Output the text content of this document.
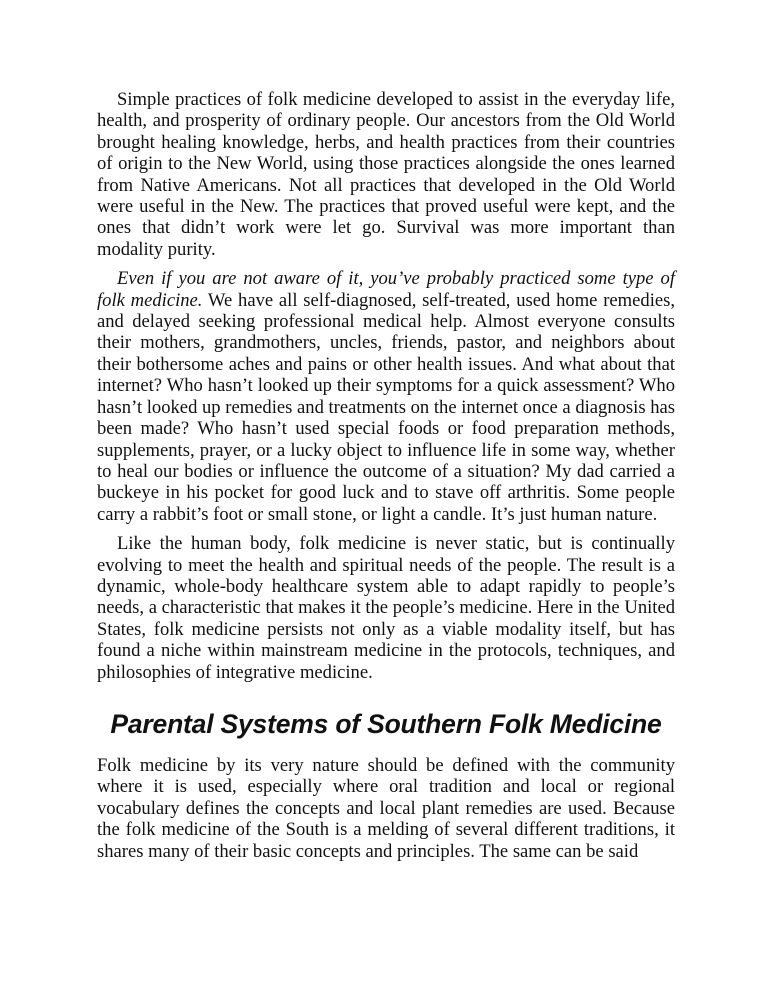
Simple practices of folk medicine developed to assist in the everyday life, health, and prosperity of ordinary people. Our ancestors from the Old World brought healing knowledge, herbs, and health practices from their countries of origin to the New World, using those practices alongside the ones learned from Native Americans. Not all practices that developed in the Old World were useful in the New. The practices that proved useful were kept, and the ones that didn’t work were let go. Survival was more important than modality purity.

Even if you are not aware of it, you’ve probably practiced some type of folk medicine. We have all self-diagnosed, self-treated, used home remedies, and delayed seeking professional medical help. Almost everyone consults their mothers, grandmothers, uncles, friends, pastor, and neighbors about their bothersome aches and pains or other health issues. And what about that internet? Who hasn’t looked up their symptoms for a quick assessment? Who hasn’t looked up remedies and treatments on the internet once a diagnosis has been made? Who hasn’t used special foods or food preparation methods, supplements, prayer, or a lucky object to influence life in some way, whether to heal our bodies or influence the outcome of a situation? My dad carried a buckeye in his pocket for good luck and to stave off arthritis. Some people carry a rabbit’s foot or small stone, or light a candle. It’s just human nature.

Like the human body, folk medicine is never static, but is continually evolving to meet the health and spiritual needs of the people. The result is a dynamic, whole-body healthcare system able to adapt rapidly to people’s needs, a characteristic that makes it the people’s medicine. Here in the United States, folk medicine persists not only as a viable modality itself, but has found a niche within mainstream medicine in the protocols, techniques, and philosophies of integrative medicine.

Parental Systems of Southern Folk Medicine

Folk medicine by its very nature should be defined with the community where it is used, especially where oral tradition and local or regional vocabulary defines the concepts and local plant remedies are used. Because the folk medicine of the South is a melding of several different traditions, it shares many of their basic concepts and principles. The same can be said
